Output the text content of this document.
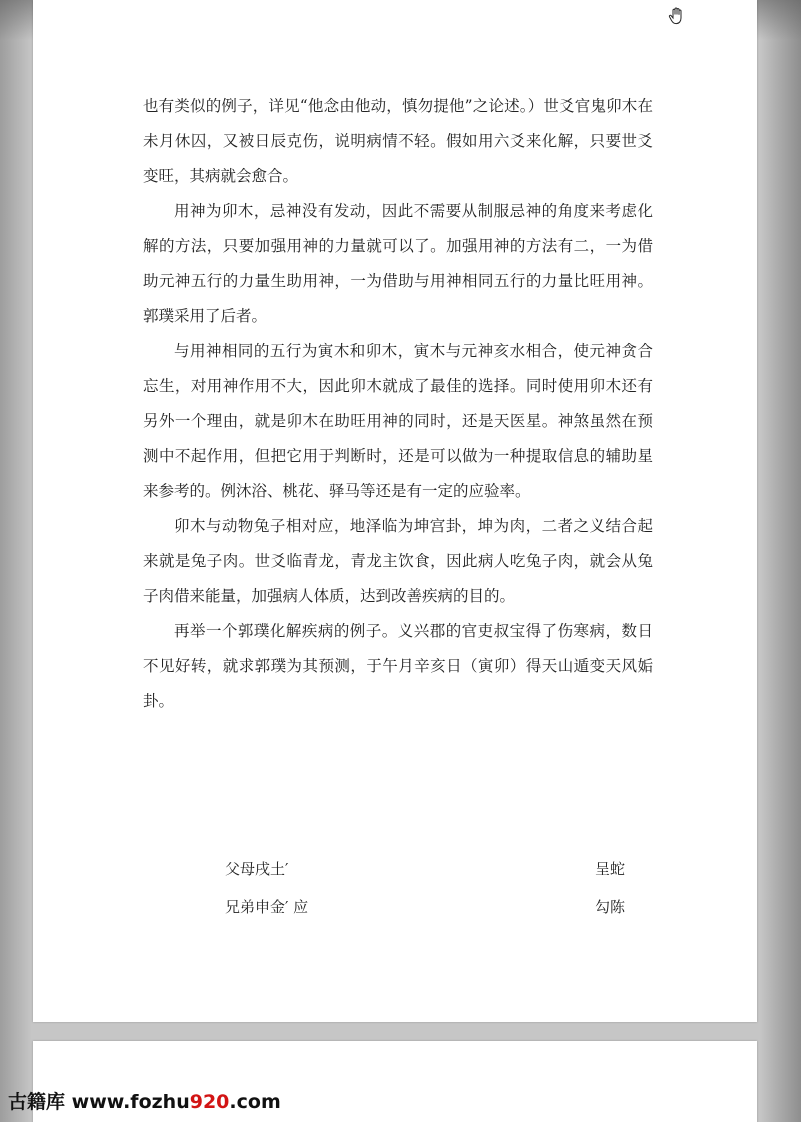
也有类似的例子，详见“他念由他动，慎勿提他”之论述。）世爻官鬼卯木在未月休囚，又被日辰克伤，说明病情不轻。假如用六爻来化解，只要世爻变旺，其病就会愈合。

用神为卯木，忌神没有发动，因此不需要从制服忌神的角度来考虑化解的方法，只要加强用神的力量就可以了。加强用神的方法有二，一为借助元神五行的力量生助用神，一为借助与用神相同五行的力量比旺用神。郭璞采用了后者。

与用神相同的五行为寅木和卯木，寅木与元神亥水相合，使元神贪合忘生，对用神作用不大，因此卯木就成了最佳的选择。同时使用卯木还有另外一个理由，就是卯木在助旺用神的同时，还是天医星。神煞虽然在预测中不起作用，但把它用于判断时，还是可以做为一种提取信息的辅助星来参考的。例沐浴、桃花、驿马等还是有一定的应验率。

卯木与动物兔子相对应，地泽临为坤宫卦，坤为肉，二者之义结合起来就是兔子肉。世爻临青龙，青龙主饮食，因此病人吃兔子肉，就会从兔子肉借来能量，加强病人体质，达到改善疾病的目的。

再举一个郭璞化解疾病的例子。义兴郡的官吏叔宝得了伤寒病，数日不见好转，就求郭璞为其预测，于午月辛亥日（寅卯）得天山遁变天风姤卦。

父母戌土′	呈蛇
兄弟申金′ 应	勾陈
古籍库 www.fozhu920.com
